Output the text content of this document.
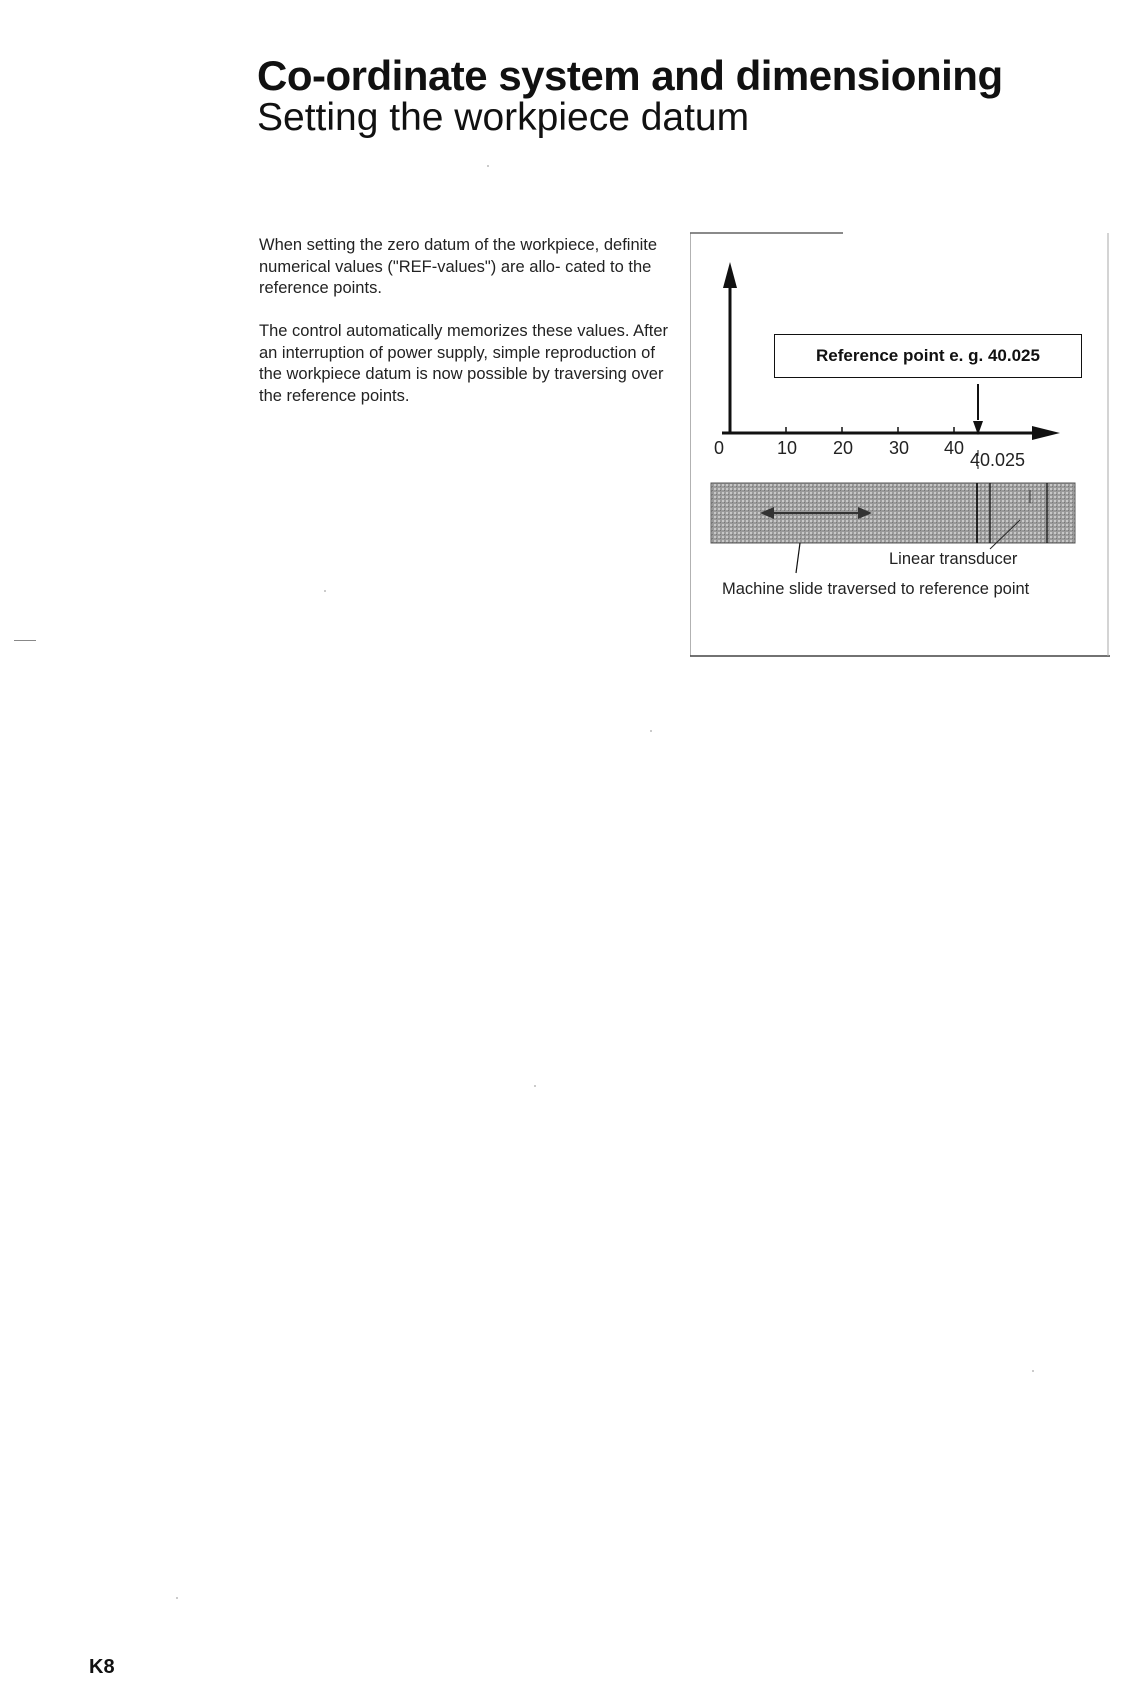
Co-ordinate system and dimensioning
Setting the workpiece datum

When setting the zero datum of the workpiece, definite numerical values ("REF-values") are allo- cated to the reference points.

The control automatically memorizes these values. After an interruption of power supply, simple reproduction of the workpiece datum is now possible by traversing over the reference points.

Reference point e. g. 40.025
0	10 20 30 40
40.025
Linear transducer
Machine slide traversed to reference point
K8
